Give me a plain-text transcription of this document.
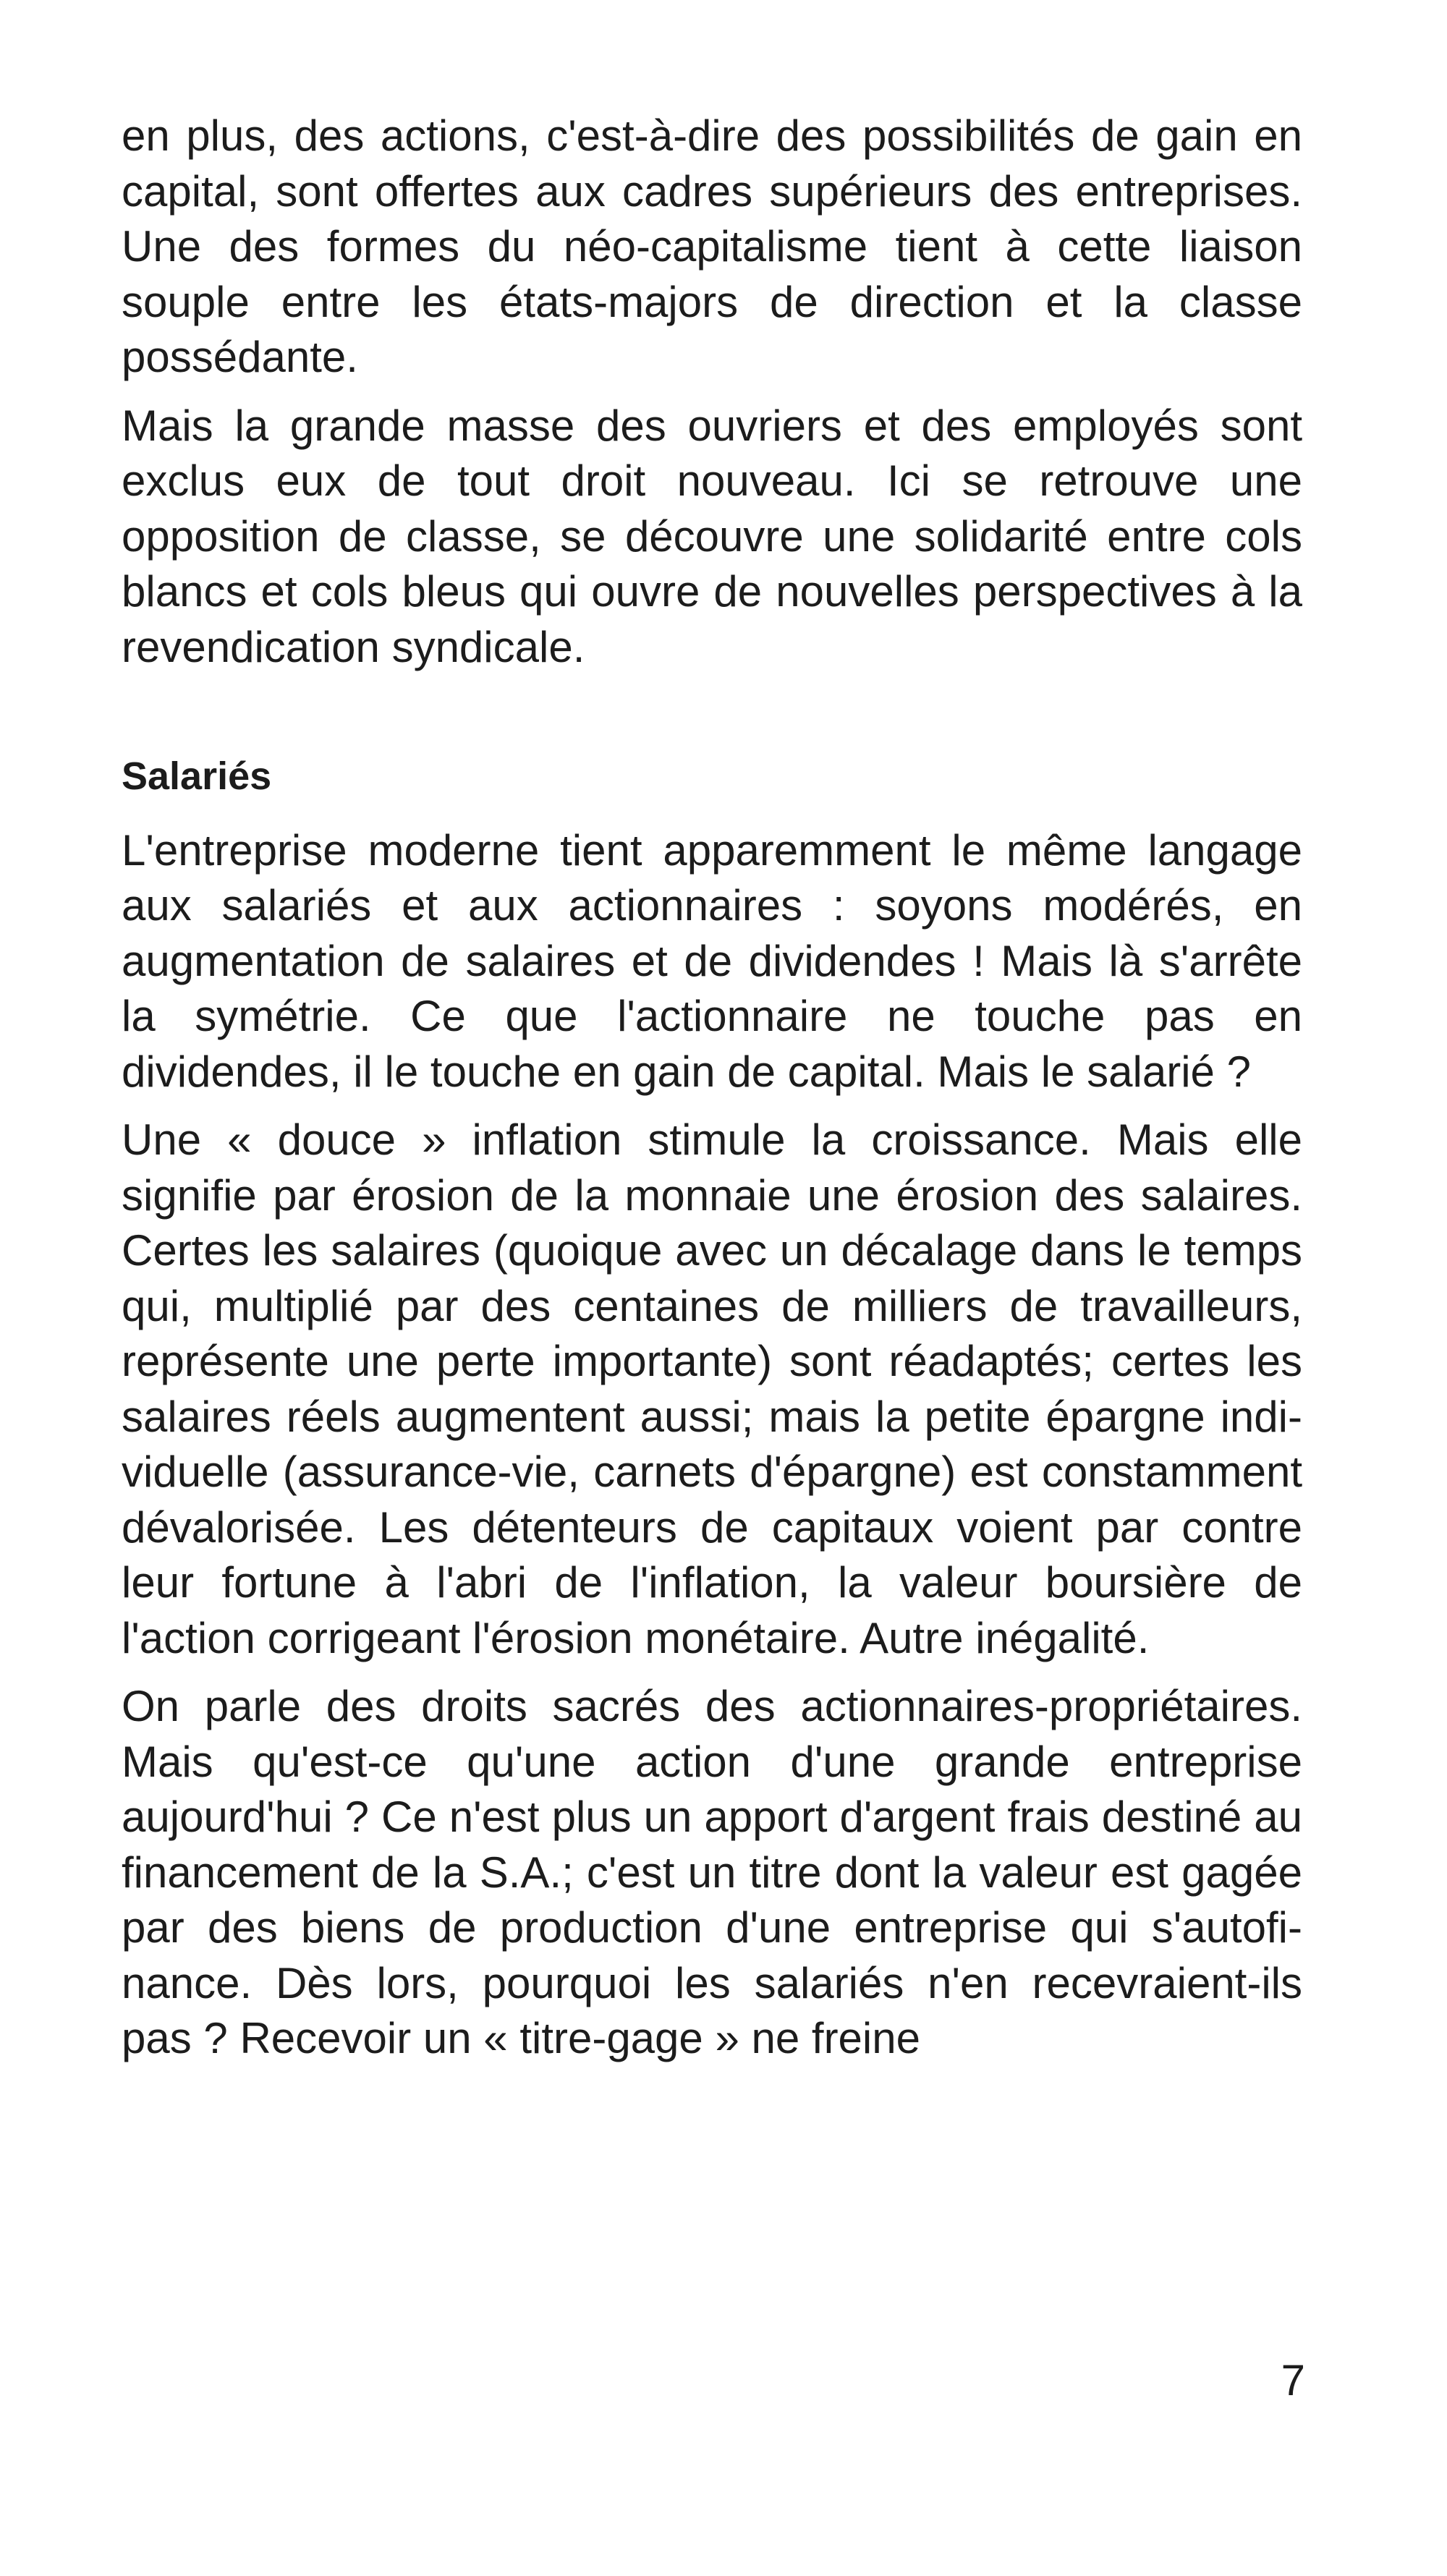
en plus, des actions, c'est-à-dire des possibilités de gain en capital, sont offertes aux cadres supérieurs des entreprises. Une des formes du néo-capitalisme tient à cette liaison souple entre les états-majors de direction et la classe possédante.

Mais la grande masse des ouvriers et des employés sont exclus eux de tout droit nouveau. Ici se retrouve une opposition de classe, se découvre une solidarité entre cols blancs et cols bleus qui ouvre de nouvelles perspectives à la revendication syndicale.

Salariés

L'entreprise moderne tient apparemment le même langage aux salariés et aux actionnaires : soyons modérés, en augmentation de salaires et de dividendes ! Mais là s'arrête la symétrie. Ce que l'actionnaire ne touche pas en dividendes, il le touche en gain de capital. Mais le salarié ?

Une « douce » inflation stimule la croissance. Mais elle signifie par érosion de la monnaie une érosion des salaires. Certes les salaires (quoique avec un décalage dans le temps qui, multiplié par des centaines de milliers de travailleurs, représente une perte importante) sont réadaptés; certes les salaires réels augmentent aussi; mais la petite épargne individuelle (assurance-vie, carnets d'épargne) est constamment dévalorisée. Les détenteurs de capitaux voient par contre leur fortune à l'abri de l'inflation, la valeur boursière de l'action corrigeant l'érosion monétaire. Autre inégalité.

On parle des droits sacrés des actionnaires-propriétaires. Mais qu'est-ce qu'une action d'une grande entreprise aujourd'hui ? Ce n'est plus un apport d'argent frais destiné au financement de la S.A.; c'est un titre dont la valeur est gagée par des biens de production d'une entreprise qui s'autofinance. Dès lors, pourquoi les salariés n'en recevraient-ils pas ? Recevoir un « titre-gage » ne freine

7
